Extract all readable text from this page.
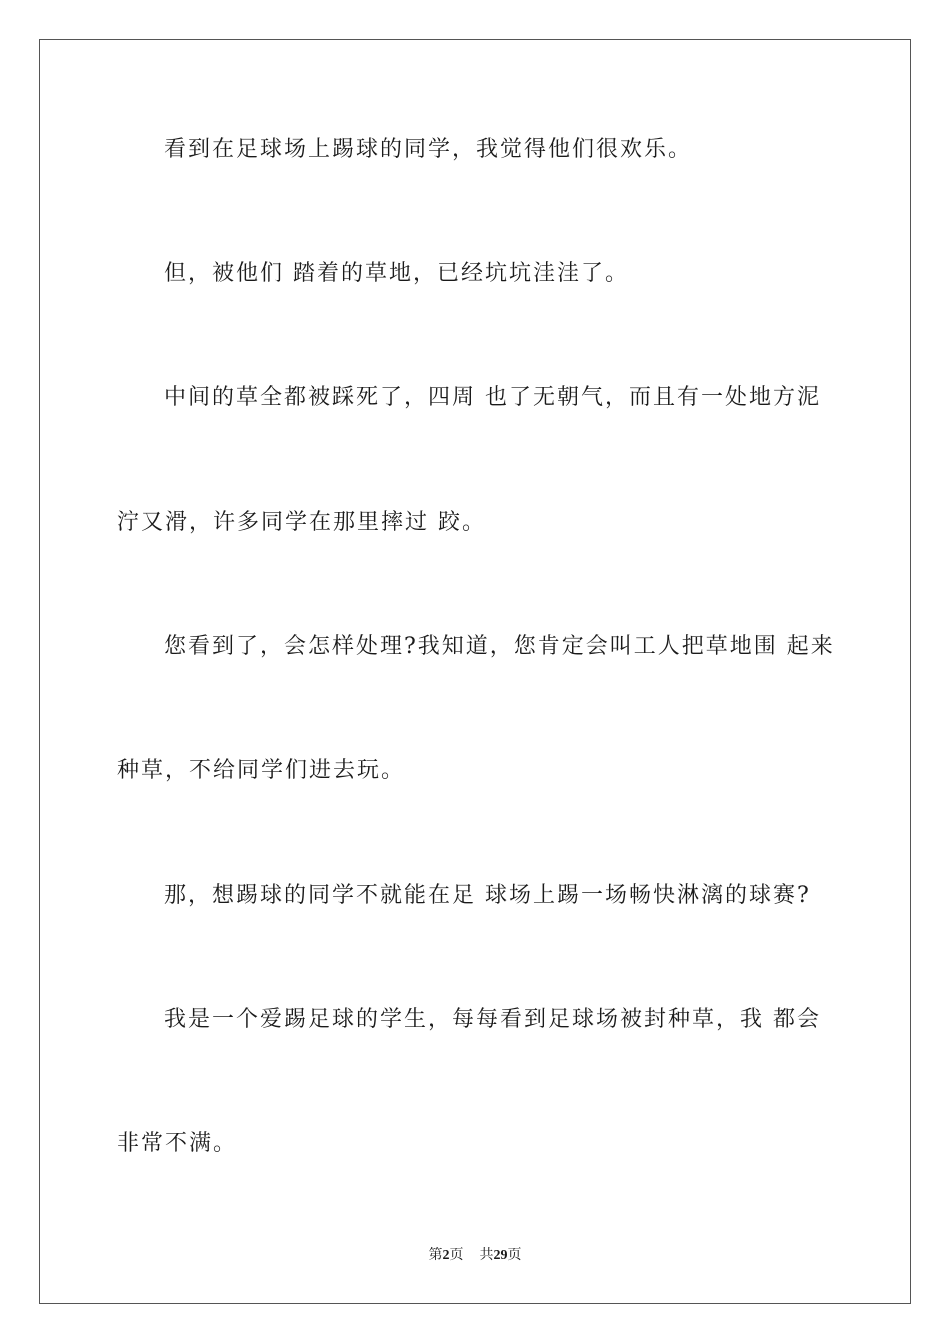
看到在足球场上踢球的同学，我觉得他们很欢乐。
但，被他们 踏着的草地，已经坑坑洼洼了。
中间的草全都被踩死了，四周 也了无朝气，而且有一处地方泥
泞又滑，许多同学在那里摔过 跤。
您看到了，会怎样处理?我知道，您肯定会叫工人把草地围 起来
种草，不给同学们进去玩。
那，想踢球的同学不就能在足 球场上踢一场畅快淋漓的球赛?
我是一个爱踢足球的学生，每每看到足球场被封种草，我 都会
非常不满。
第2页 共29页
